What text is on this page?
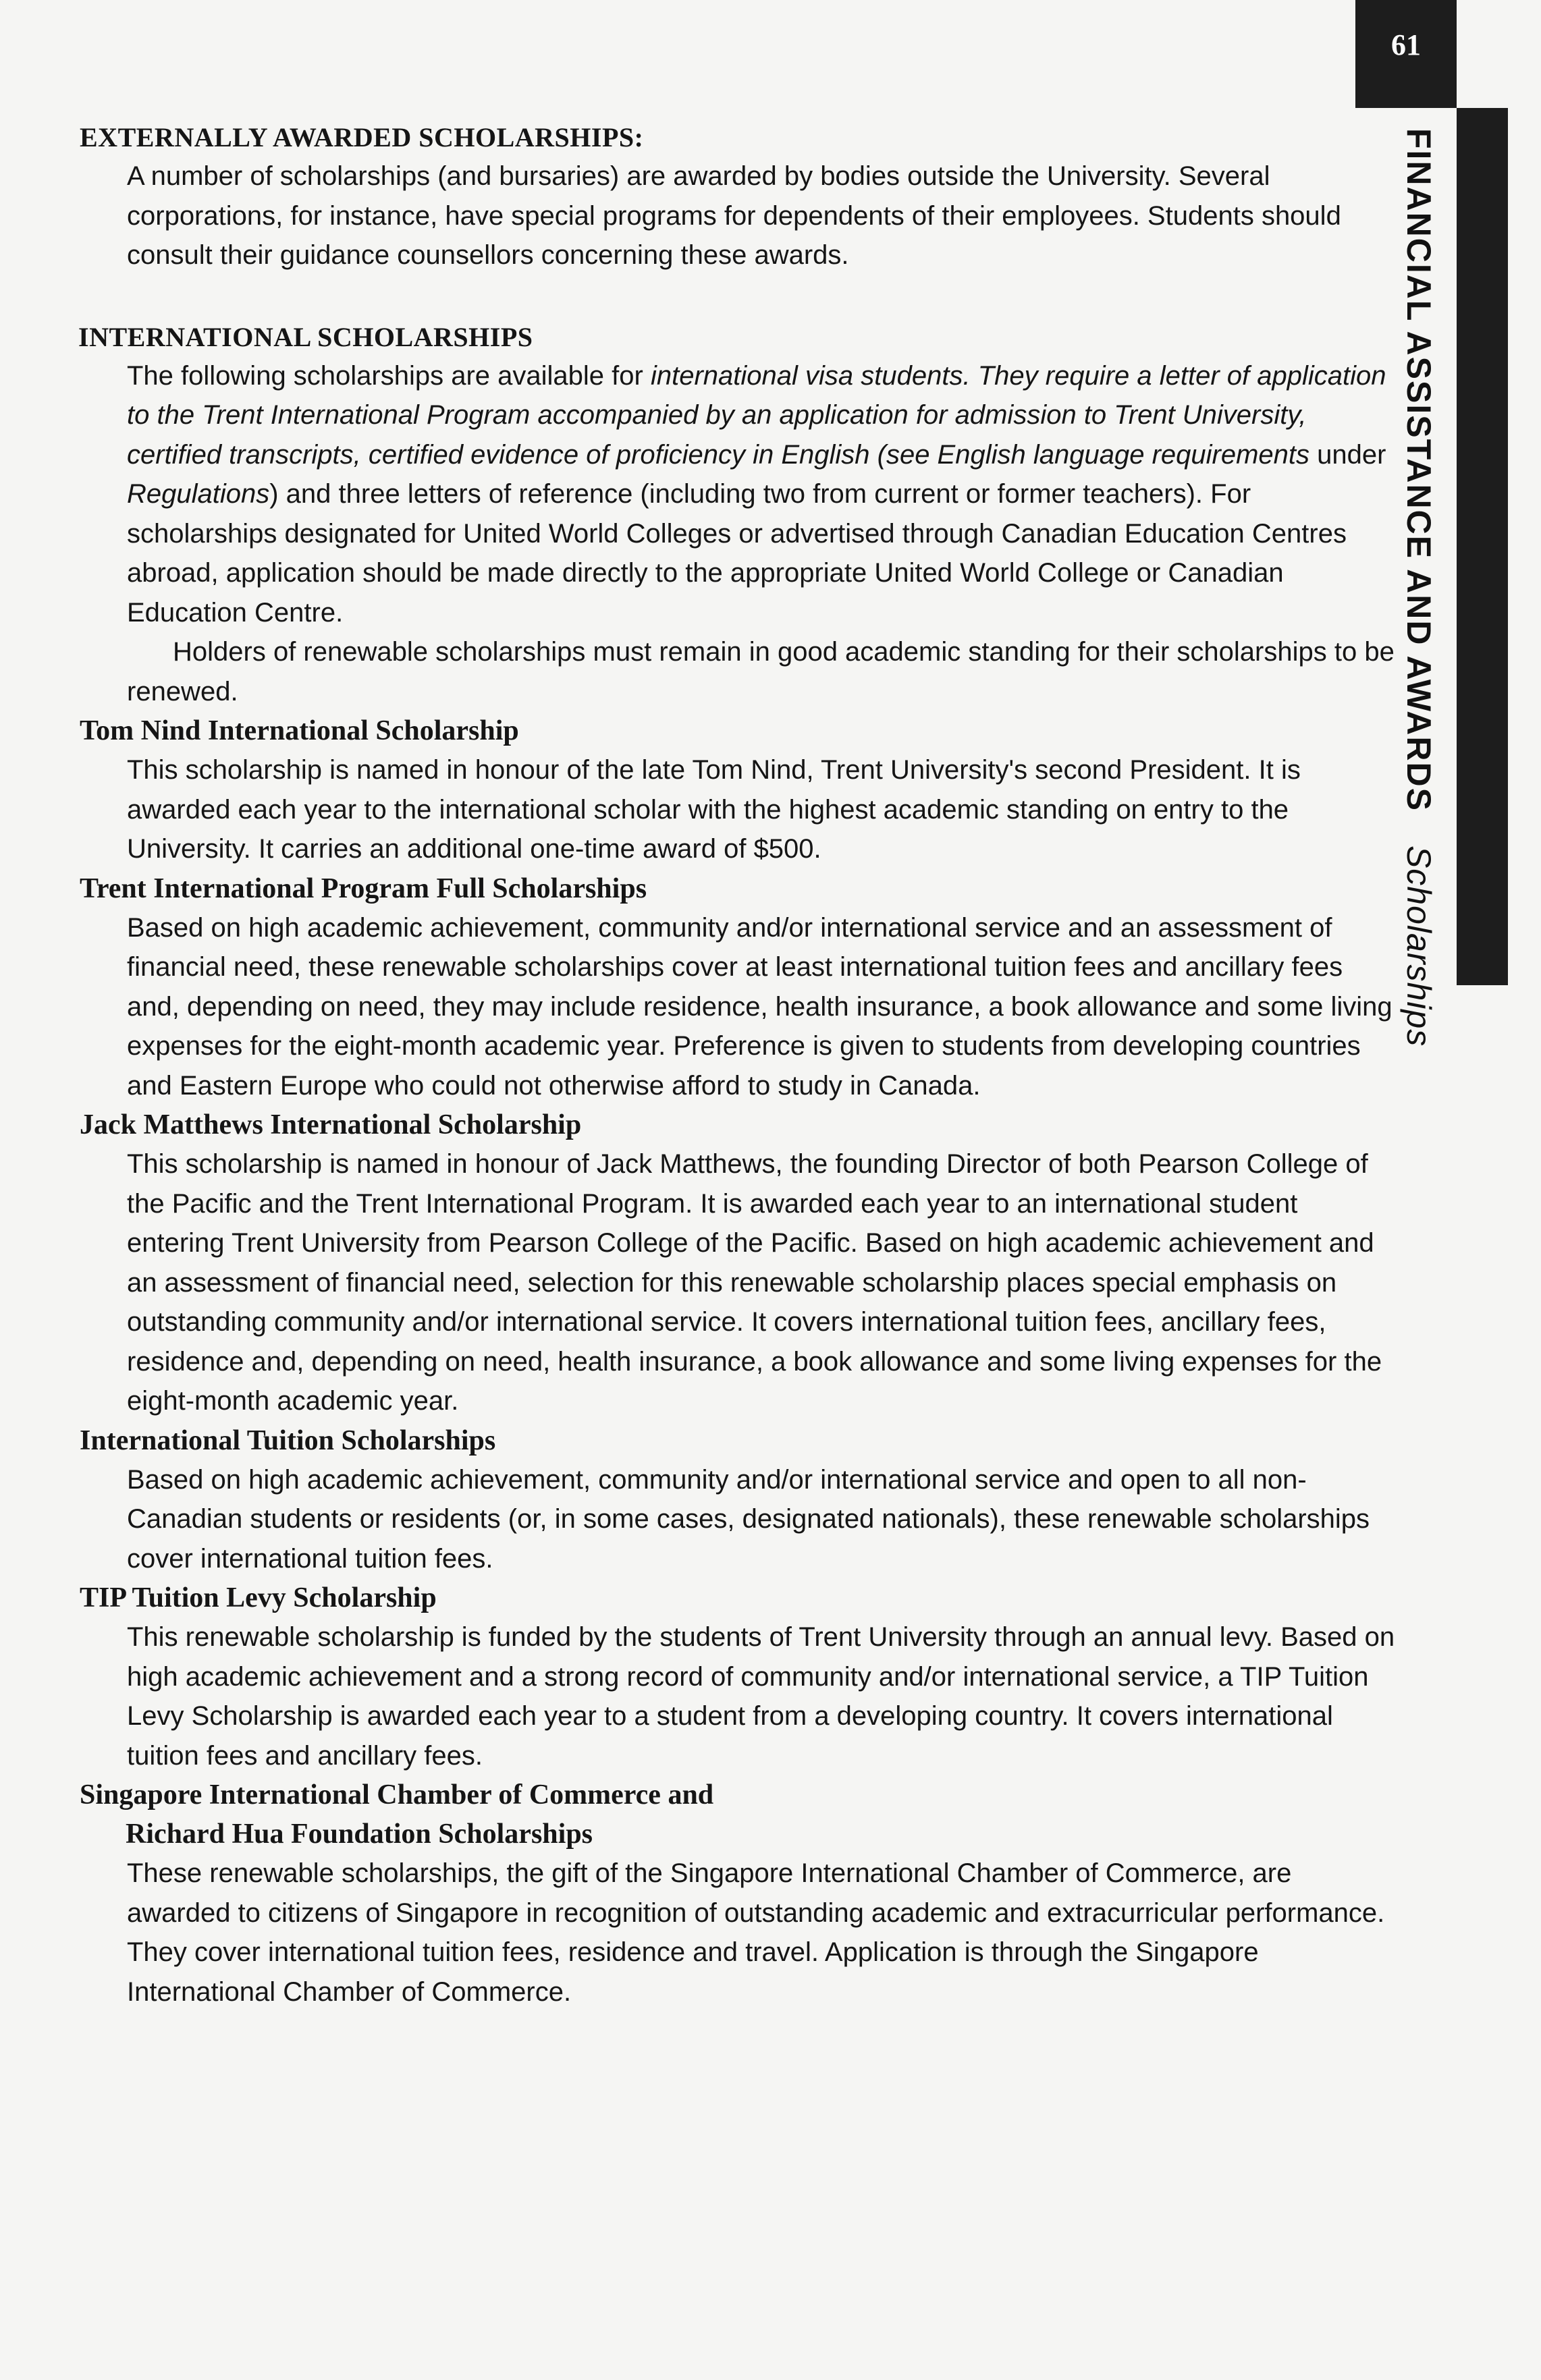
61
FINANCIAL ASSISTANCE AND AWARDSScholarships
EXTERNALLY AWARDED SCHOLARSHIPS:

A number of scholarships (and bursaries) are awarded by bodies outside the University. Several corporations, for instance, have special programs for dependents of their employees. Students should consult their guidance counsellors concerning these awards.

INTERNATIONAL SCHOLARSHIPS

The following scholarships are available for international visa students. They require a letter of application to the Trent International Program accompanied by an application for admission to Trent University, certified transcripts, certified evidence of proficiency in English (see English language requirements under Regulations) and three letters of reference (including two from current or former teachers). For scholarships designated for United World Colleges or advertised through Canadian Education Centres abroad, application should be made directly to the appropriate United World College or Canadian Education Centre.

Holders of renewable scholarships must remain in good academic standing for their scholarships to be renewed.

Tom Nind International Scholarship

This scholarship is named in honour of the late Tom Nind, Trent University's second President. It is awarded each year to the international scholar with the highest academic standing on entry to the University. It carries an additional one-time award of $500.

Trent International Program Full Scholarships

Based on high academic achievement, community and/or international service and an assessment of financial need, these renewable scholarships cover at least international tuition fees and ancillary fees and, depending on need, they may include residence, health insurance, a book allowance and some living expenses for the eight-month academic year. Preference is given to students from developing countries and Eastern Europe who could not otherwise afford to study in Canada.

Jack Matthews International Scholarship

This scholarship is named in honour of Jack Matthews, the founding Director of both Pearson College of the Pacific and the Trent International Program. It is awarded each year to an international student entering Trent University from Pearson College of the Pacific. Based on high academic achievement and an assessment of financial need, selection for this renewable scholarship places special emphasis on outstanding community and/or international service. It covers international tuition fees, ancillary fees, residence and, depending on need, health insurance, a book allowance and some living expenses for the eight-month academic year.

International Tuition Scholarships

Based on high academic achievement, community and/or international service and open to all non-Canadian students or residents (or, in some cases, designated nationals), these renewable scholarships cover international tuition fees.

TIP Tuition Levy Scholarship

This renewable scholarship is funded by the students of Trent University through an annual levy. Based on high academic achievement and a strong record of community and/or international service, a TIP Tuition Levy Scholarship is awarded each year to a student from a developing country. It covers international tuition fees and ancillary fees.

Singapore International Chamber of Commerce and
Richard Hua Foundation Scholarships

These renewable scholarships, the gift of the Singapore International Chamber of Commerce, are awarded to citizens of Singapore in recognition of outstanding academic and extracurricular performance. They cover international tuition fees, residence and travel. Application is through the Singapore International Chamber of Commerce.
